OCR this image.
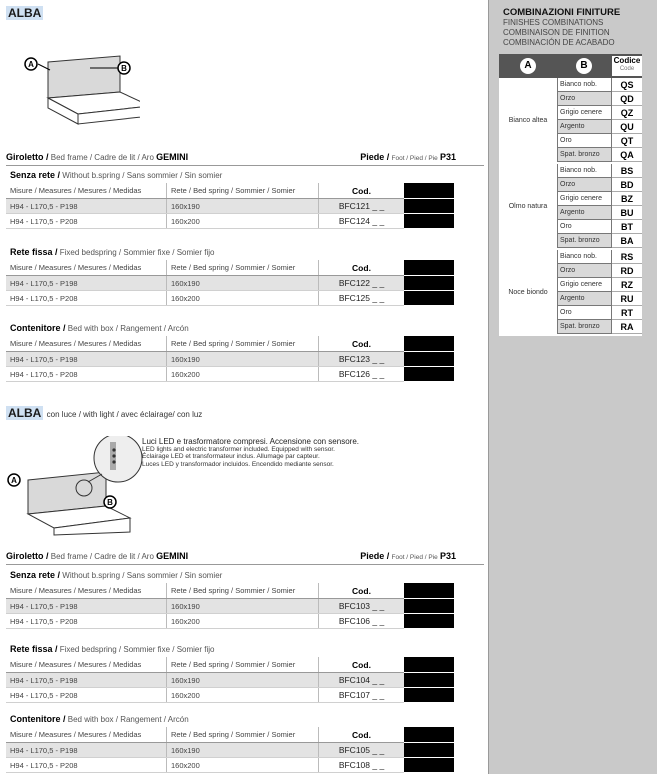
ALBA
A	B
Giroletto / Bed frame / Cadre de lit / Aro GEMINI	Piede / Foot / Pied / Pie P31
Senza rete / Without b.spring / Sans sommier / Sin somier
Misure / Measures / Mesures / Medidas	Rete / Bed spring / Sommier / Somier	Cod.
H94 - L170,5 - P198	160x190	BFC121 _ _
H94 - L170,5 - P208	160x200	BFC124 _ _
Rete fissa / Fixed bedspring / Sommier fixe / Somier fijo
Misure / Measures / Mesures / Medidas	Rete / Bed spring / Sommier / Somier	Cod.
H94 - L170,5 - P198	160x190	BFC122 _ _
H94 - L170,5 - P208	160x200	BFC125 _ _
Contenitore / Bed with box / Rangement / Arcón
Misure / Measures / Mesures / Medidas	Rete / Bed spring / Sommier / Somier	Cod.
H94 - L170,5 - P198	160x190	BFC123 _ _
H94 - L170,5 - P208	160x200	BFC126 _ _
ALBA con luce / with light / avec éclairage/ con luz
A
B
Luci LED e trasformatore compresi. Accensione con sensore.
LED lights and electric transformer included. Equipped with sensor.
Éclairage LED et transformateur inclus. Allumage par capteur.
Luces LED y transformador incluidos. Encendido mediante sensor.
Giroletto / Bed frame / Cadre de lit / Aro GEMINI	Piede / Foot / Pied / Pie P31
Senza rete / Without b.spring / Sans sommier / Sin somier
Misure / Measures / Mesures / Medidas	Rete / Bed spring / Sommier / Somier	Cod.
H94 - L170,5 - P198	160x190	BFC103 _ _
H94 - L170,5 - P208	160x200	BFC106 _ _
Rete fissa / Fixed bedspring / Sommier fixe / Somier fijo
Misure / Measures / Mesures / Medidas	Rete / Bed spring / Sommier / Somier	Cod.
H94 - L170,5 - P198	160x190	BFC104 _ _
H94 - L170,5 - P208	160x200	BFC107 _ _
Contenitore / Bed with box / Rangement / Arcón
Misure / Measures / Mesures / Medidas	Rete / Bed spring / Sommier / Somier	Cod.
H94 - L170,5 - P198	160x190	BFC105 _ _
H94 - L170,5 - P208	160x200	BFC108 _ _
COMBINAZIONI FINITURE
FINISHES COMBINATIONS
COMBINAISON DE FINITION
COMBINACIÓN DE ACABADO
A	B	Codice
Code
Bianco altea
Bianco nob.	QS
Orzo	QD
Grigio cenere	QZ
Argento	QU
Oro	QT
Spat. bronzo	QA
Olmo natura
Bianco nob.	BS
Orzo	BD
Grigio cenere	BZ
Argento	BU
Oro	BT
Spat. bronzo	BA
Noce biondo
Bianco nob.	RS
Orzo	RD
Grigio cenere	RZ
Argento	RU
Oro	RT
Spat. bronzo	RA
